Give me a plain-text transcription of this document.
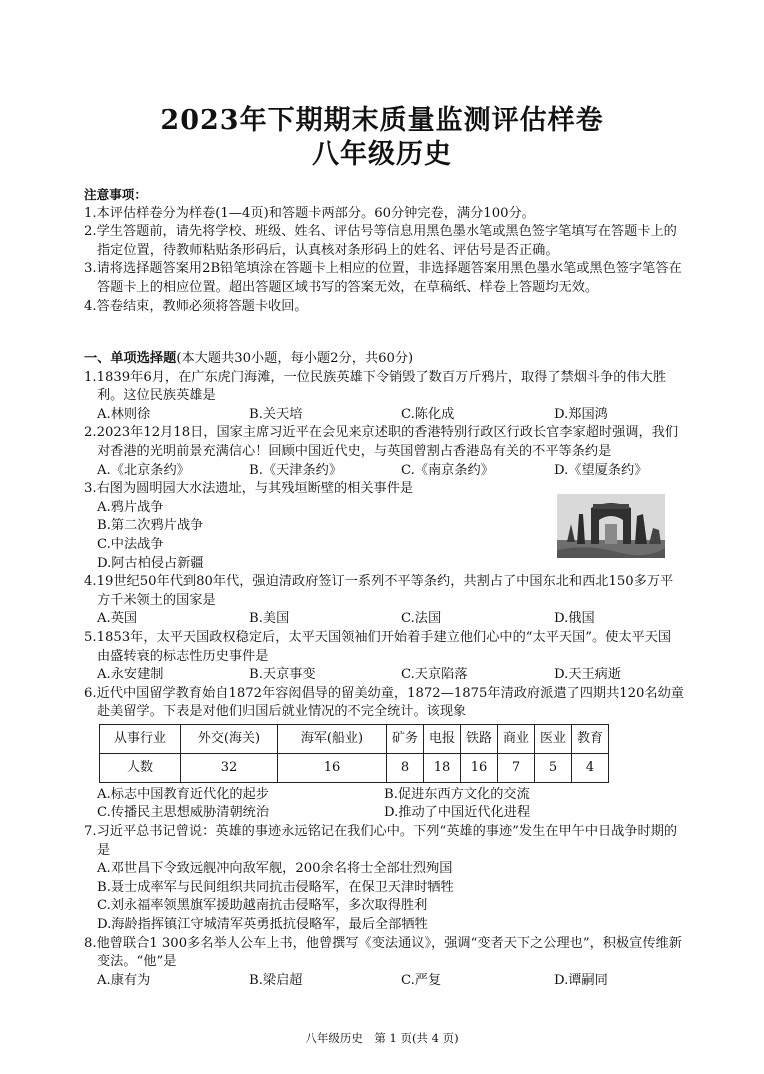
2023年下期期末质量监测评估样卷
八年级历史
注意事项：
1.本评估样卷分为样卷(1—4页)和答题卡两部分。60分钟完卷，满分100分。
2.学生答题前，请先将学校、班级、姓名、评估号等信息用黑色墨水笔或黑色签字笔填写在答题卡上的指定位置，待教师粘贴条形码后，认真核对条形码上的姓名、评估号是否正确。
3.请将选择题答案用2B铅笔填涂在答题卡上相应的位置，非选择题答案用黑色墨水笔或黑色签字笔答在答题卡上的相应位置。超出答题区域书写的答案无效，在草稿纸、样卷上答题均无效。
4.答卷结束，教师必须将答题卡收回。
一、单项选择题(本大题共30小题，每小题2分，共60分)
1.1839年6月，在广东虎门海滩，一位民族英雄下令销毁了数百万斤鸦片，取得了禁烟斗争的伟大胜利。这位民族英雄是
A.林则徐	B.关天培	C.陈化成	D.郑国鸿
2.2023年12月18日，国家主席习近平在会见来京述职的香港特别行政区行政长官李家超时强调，我们对香港的光明前景充满信心！回顾中国近代史，与英国曾割占香港岛有关的不平等条约是
A.《北京条约》	B.《天津条约》	C.《南京条约》	D.《望厦条约》
3.右图为圆明园大水法遗址，与其残垣断壁的相关事件是
A.鸦片战争
B.第二次鸦片战争
C.中法战争
D.阿古柏侵占新疆
4.19世纪50年代到80年代，强迫清政府签订一系列不平等条约，共割占了中国东北和西北150多万平方千米领土的国家是
A.英国	B.美国	C.法国	D.俄国
5.1853年，太平天国政权稳定后，太平天国领袖们开始着手建立他们心中的“太平天国”。使太平天国由盛转衰的标志性历史事件是
A.永安建制	B.天京事变	C.天京陷落	D.天王病逝
6.近代中国留学教育始自1872年容闳倡导的留美幼童，1872—1875年清政府派遣了四期共120名幼童赴美留学。下表是对他们归国后就业情况的不完全统计。该现象
从事行业	外交(海关)	海军(船业)	矿务	电报	铁路	商业	医业	教育
人数	32	16	8	18	16	7	5	4
A.标志中国教育近代化的起步	B.促进东西方文化的交流
C.传播民主思想威胁清朝统治	D.推动了中国近代化进程
7.习近平总书记曾说：英雄的事迹永远铭记在我们心中。下列“英雄的事迹”发生在甲午中日战争时期的是
A.邓世昌下令致远舰冲向敌军舰，200余名将士全部壮烈殉国
B.聂士成率军与民间组织共同抗击侵略军，在保卫天津时牺牲
C.刘永福率领黑旗军援助越南抗击侵略军，多次取得胜利
D.海龄指挥镇江守城清军英勇抵抗侵略军，最后全部牺牲
8.他曾联合1 300多名举人公车上书，他曾撰写《变法通议》，强调“变者天下之公理也”，积极宣传维新变法。“他”是
A.康有为	B.梁启超	C.严复	D.谭嗣同
八年级历史　第 1 页(共 4 页)
